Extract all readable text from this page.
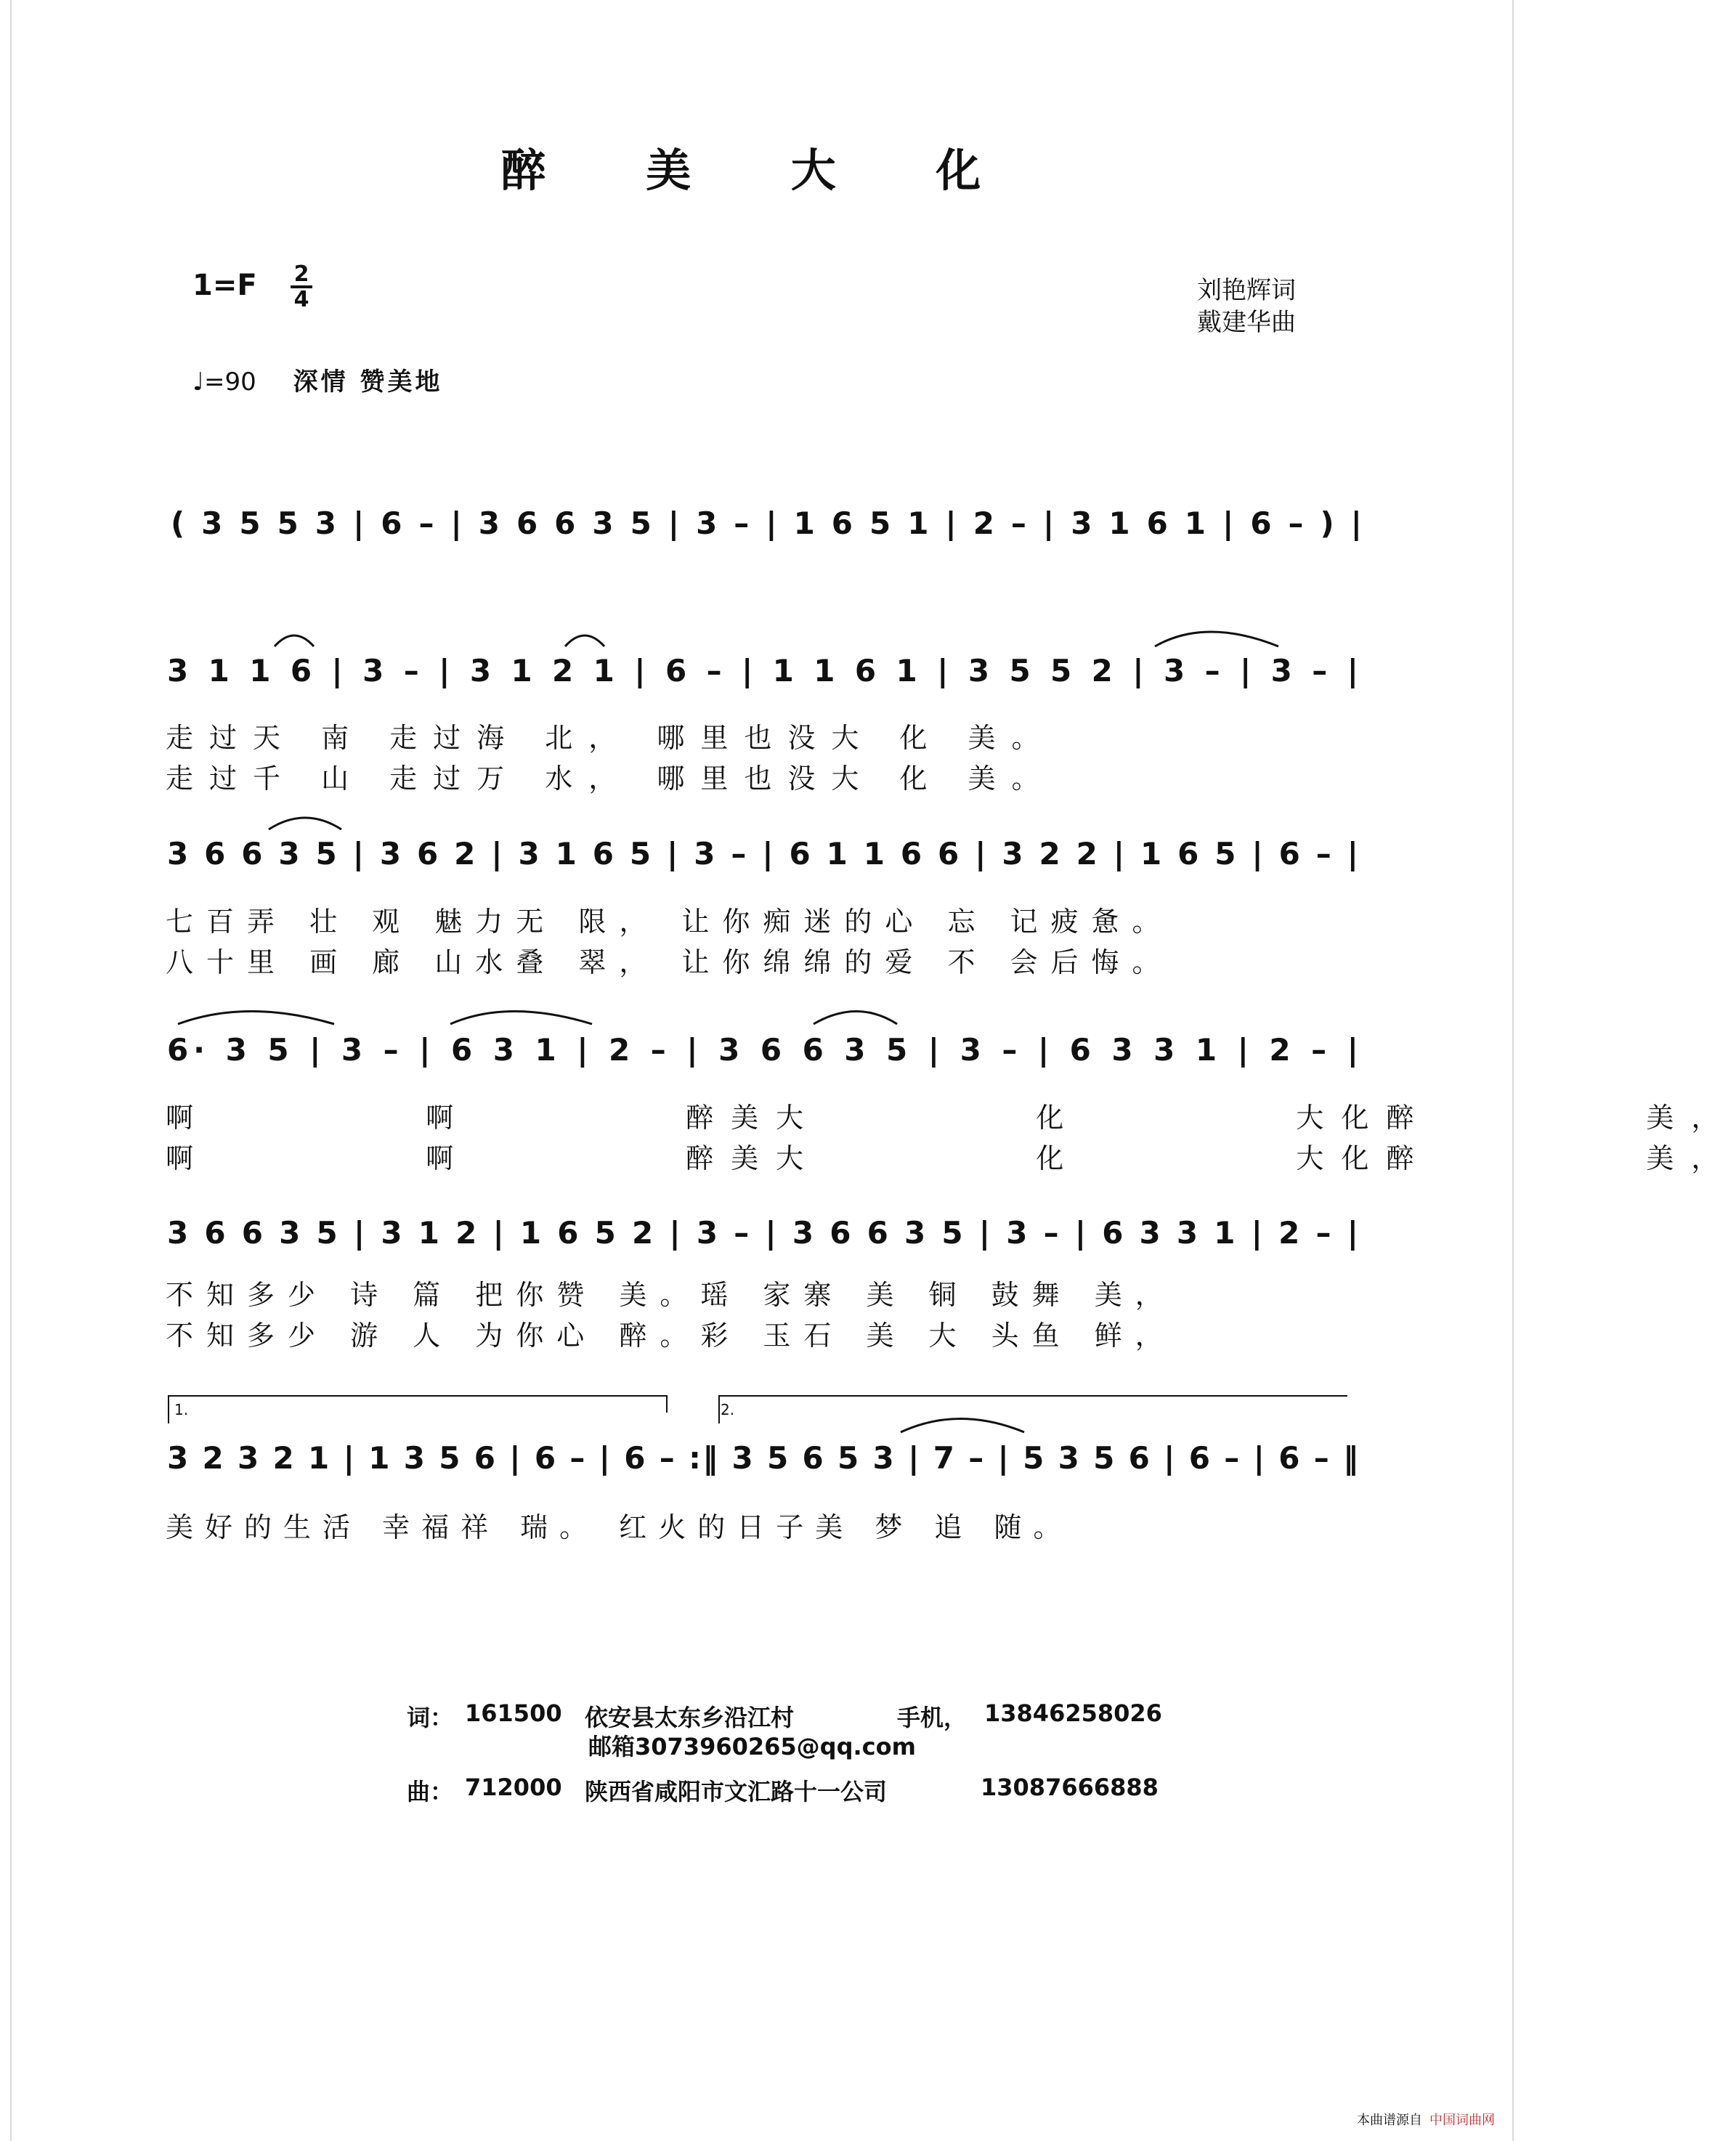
醉 美 大 化
1=F 2
4	刘艳辉词
戴建华曲
♩=90 深情 赞美地
( 3 5 5 3 | 6 – | 3 6 6 3 5 | 3 – | 1 6 5 1 | 2 – | 3 1 6 1 | 6 – ) |
3 1 1 6 | 3 – | 3 1 2 1 | 6 – | 1 1 6 1 | 3 5 5 2 | 3 – | 3 – |
3 6 6 3 5 | 3 6 2 | 3 1 6 5 | 3 – | 6 1 1 6 6 | 3 2 2 | 1 6 5 | 6 – |
6· 3 5 | 3 – | 6 3 1 | 2 – | 3 6 6 3 5 | 3 – | 6 3 3 1 | 2 – |
3 6 6 3 5 | 3 1 2 | 1 6 5 2 | 3 – | 3 6 6 3 5 | 3 – | 6 3 3 1 | 2 – |
3 2 3 2 1 | 1 3 5 6 | 6 – | 6 – :‖ 3 5 6 5 3 | 7 – | 5 3 5 6 | 6 – | 6 – ‖
1.	2.
走过天 南 走过海 北， 哪里也没大 化 美。
走过千 山 走过万 水， 哪里也没大 化 美。
七百弄 壮 观 魅力无 限， 让你痴迷的心 忘 记疲惫。
八十里 画 廊 山水叠 翠， 让你绵绵的爱 不 会后悔。
啊 啊 醉美大 化 大化醉 美，
啊 啊 醉美大 化 大化醉 美，
不知多少 诗 篇 把你赞 美。瑶 家寨 美 铜 鼓舞 美，
不知多少 游 人 为你心 醉。彩 玉石 美 大 头鱼 鲜，
美好的生活 幸福祥 瑞。 红火的日子美 梦 追 随。
词： 161500 依安县太东乡沿江村	手机， 13846258026
邮箱3073960265@qq.com
曲： 712000 陕西省咸阳市文汇路十一公司	13087666888
本曲谱源自 中国词曲网
